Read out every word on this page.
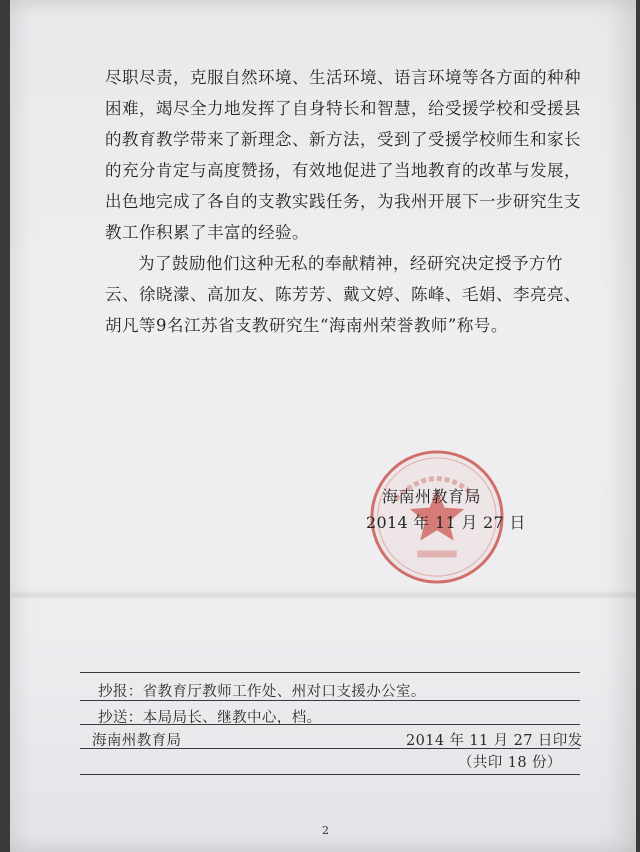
尽职尽责，克服自然环境、生活环境、语言环境等各方面的种种困难，竭尽全力地发挥了自身特长和智慧，给受援学校和受援县的教育教学带来了新理念、新方法，受到了受援学校师生和家长的充分肯定与高度赞扬，有效地促进了当地教育的改革与发展，出色地完成了各自的支教实践任务，为我州开展下一步研究生支教工作积累了丰富的经验。

为了鼓励他们这种无私的奉献精神，经研究决定授予方竹云、徐晓濛、高加友、陈芳芳、戴文婷、陈峰、毛娟、李亮亮、胡凡等9名江苏省支教研究生“海南州荣誉教师”称号。

海南州教育局
2014 年 11 月 27 日
抄报：省教育厅教师工作处、州对口支援办公室。
抄送：本局局长、继教中心，档。
海南州教育局	2014 年 11 月 27 日印发
（共印 18 份）
2
